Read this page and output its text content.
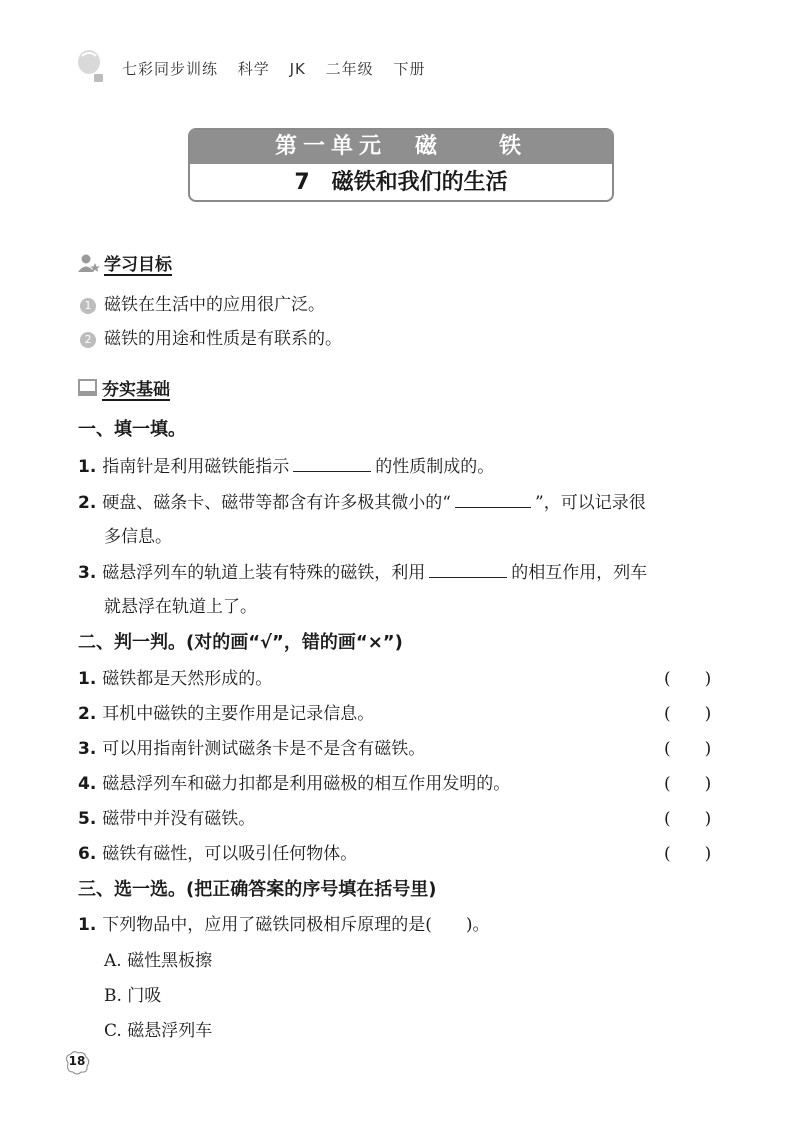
七彩同步训练 科学 JK 二年级 下册
第一单元　磁　　铁
7　磁铁和我们的生活
学习目标
1 磁铁在生活中的应用很广泛。
2 磁铁的用途和性质是有联系的。
夯实基础
一、填一填。
1. 指南针是利用磁铁能指示	的性质制成的。
2. 硬盘、磁条卡、磁带等都含有许多极其微小的“	”，可以记录很
多信息。
3. 磁悬浮列车的轨道上装有特殊的磁铁，利用	的相互作用，列车
就悬浮在轨道上了。
二、判一判。(对的画“√”，错的画“×”)
1. 磁铁都是天然形成的。	(　　)
2. 耳机中磁铁的主要作用是记录信息。	(　　)
3. 可以用指南针测试磁条卡是不是含有磁铁。	(　　)
4. 磁悬浮列车和磁力扣都是利用磁极的相互作用发明的。	(　　)
5. 磁带中并没有磁铁。	(　　)
6. 磁铁有磁性，可以吸引任何物体。	(　　)
三、选一选。(把正确答案的序号填在括号里)
1. 下列物品中，应用了磁铁同极相斥原理的是(　　)。
A. 磁性黑板擦
B. 门吸
C. 磁悬浮列车
18
